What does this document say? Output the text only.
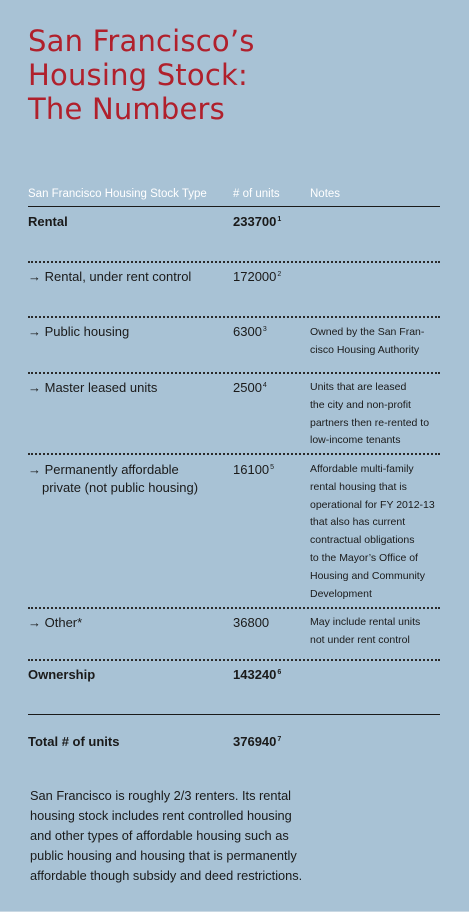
San Francisco’s
Housing Stock:
The Numbers
San Francisco Housing Stock Type # of units	Notes
Rental	$233700^1$
→ Rental, under rent control	$172000^2$
→ Public housing	6300$^3$	Owned by the San Fran-
cisco Housing Authority
→ Master leased units	2500$^4$	Units that are leased
the city and non-profit
partners then re-rented to
low-income tenants
→ Permanently affordable
private (not public housing)
16100$^5$	Affordable multi-family
rental housing that is
operational for FY 2012-13
that also has current
contractual obligations
to the Mayor’s Office of
Housing and Community
Development
→ Other*	36800	May include rental units
not under rent control
Ownership	143240$^6$
Total # of units	376940$^7$
San Francisco is roughly 2/3 renters. Its rental
housing stock includes rent controlled housing
and other types of affordable housing such as
public housing and housing that is permanently
affordable though subsidy and deed restrictions.
